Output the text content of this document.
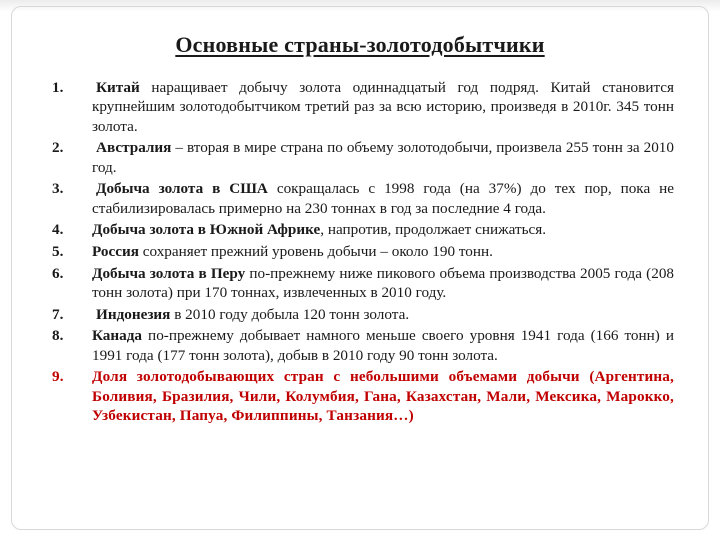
Основные страны-золотодобытчики
1. Китай наращивает добычу золота одиннадцатый год подряд. Китай становится крупнейшим золотодобытчиком третий раз за всю историю, произведя в 2010г. 345 тонн золота.
2. Австралия – вторая в мире страна по объему золотодобычи, произвела 255 тонн за 2010 год.
3. Добыча золота в США сокращалась с 1998 года (на 37%) до тех пор, пока не стабилизировалась примерно на 230 тоннах в год за последние 4 года.
4. Добыча золота в Южной Африке, напротив, продолжает снижаться.
5. Россия сохраняет прежний уровень добычи – около 190 тонн.
6. Добыча золота в Перу по-прежнему ниже пикового объема производства 2005 года (208 тонн золота) при 170 тоннах, извлеченных в 2010 году.
7. Индонезия в 2010 году добыла 120 тонн золота.
8. Канада по-прежнему добывает намного меньше своего уровня 1941 года (166 тонн) и 1991 года (177 тонн золота), добыв в 2010 году 90 тонн золота.
9. Доля золотодобывающих стран с небольшими объемами добычи (Аргентина, Боливия, Бразилия, Чили, Колумбия, Гана, Казахстан, Мали, Мексика, Марокко, Узбекистан, Папуа, Филиппины, Танзания…)
